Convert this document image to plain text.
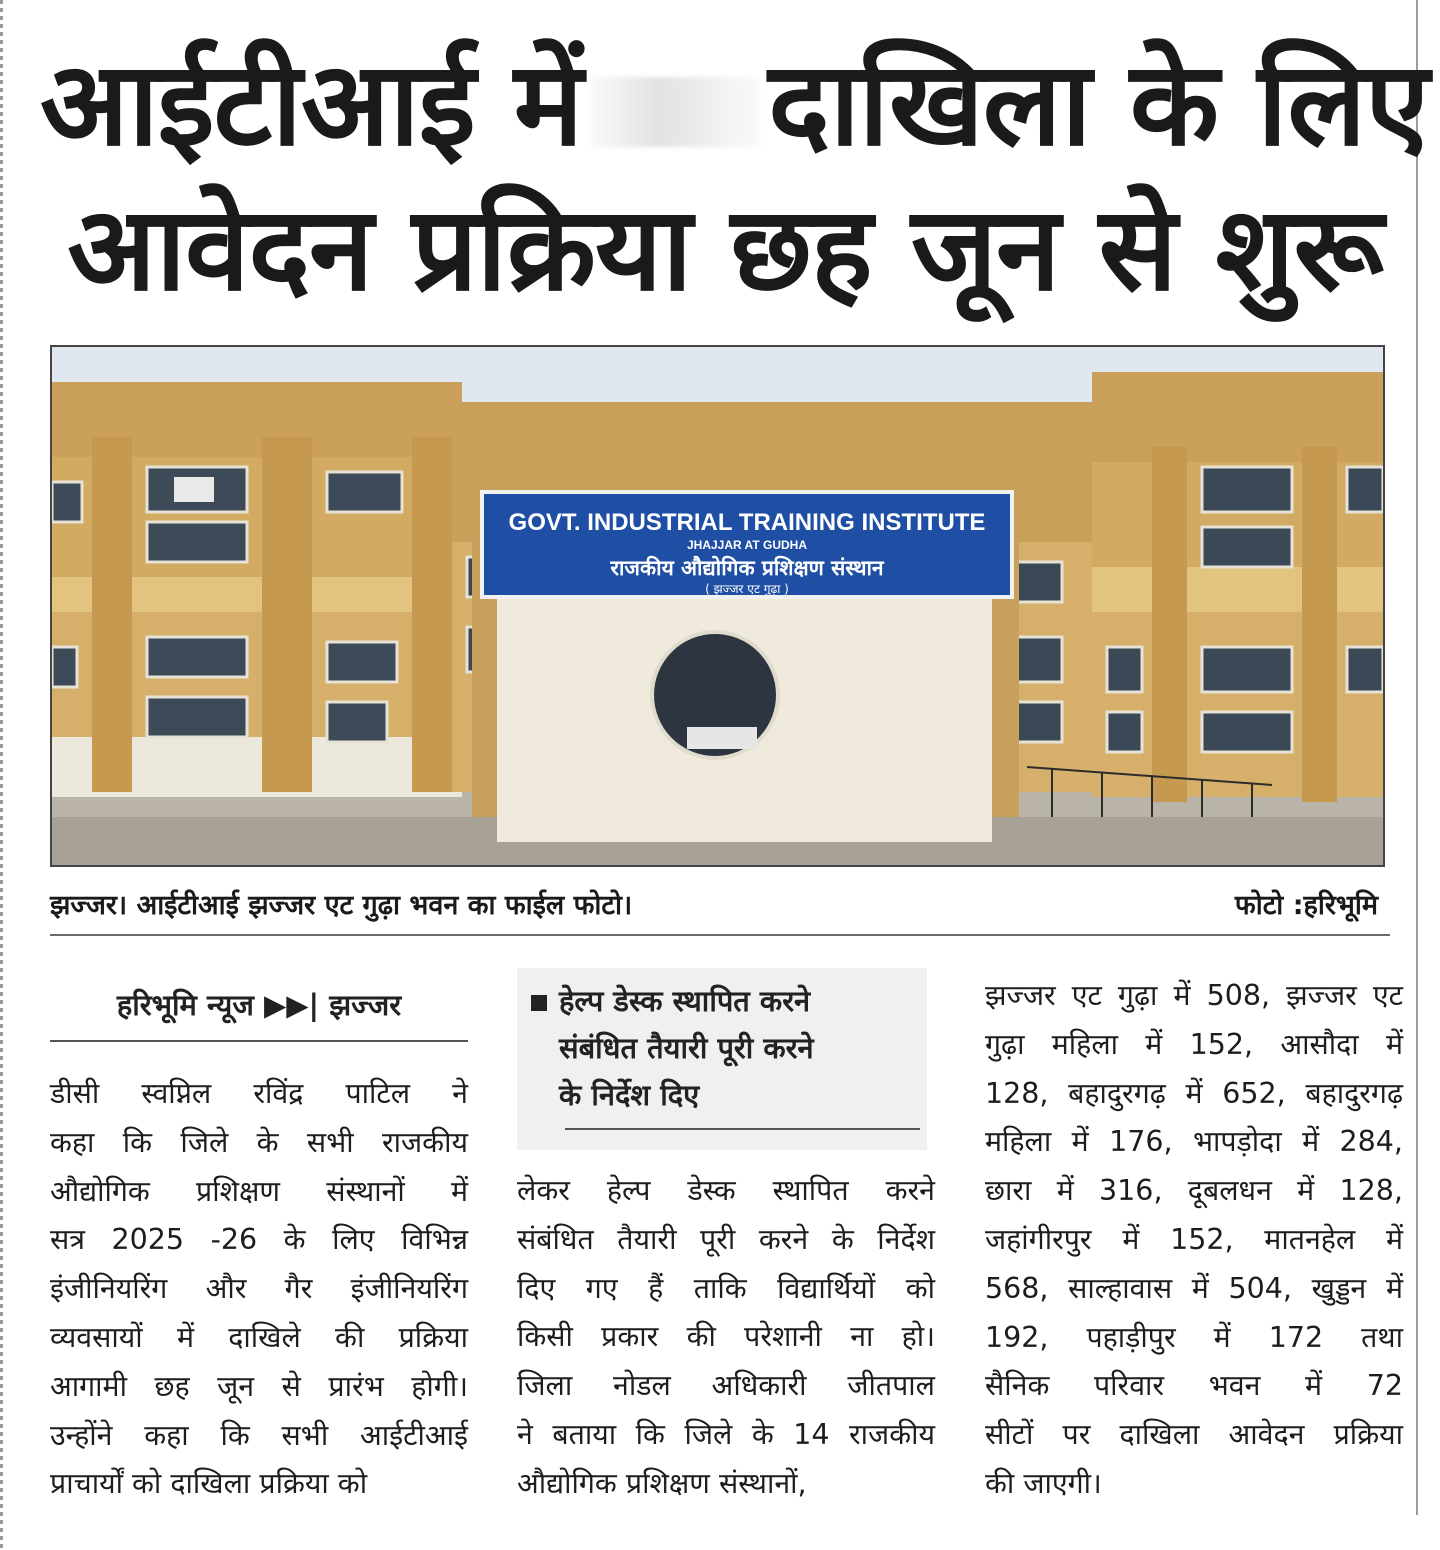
आईटीआई में दाखिला के लिए
आवेदन प्रक्रिया छह जून से शुरू
GOVT. INDUSTRIAL TRAINING INSTITUTE
JHAJJAR AT GUDHA
राजकीय औद्योगिक प्रशिक्षण संस्थान
( झज्जर एट गुढ़ा )
झज्जर। आईटीआई झज्जर एट गुढ़ा भवन का फाईल फोटो।	फोटो :हरिभूमि
हरिभूमि न्यूज ▶▶| झज्जर
डीसी स्वप्निल रविंद्र पाटिल ने
कहा कि जिले के सभी राजकीय
औद्योगिक प्रशिक्षण संस्थानों में
सत्र 2025 -26 के लिए विभिन्न
इंजीनियरिंग और गैर इंजीनियरिंग
व्यवसायों में दाखिले की प्रक्रिया
आगामी छह जून से प्रारंभ होगी।
उन्होंने कहा कि सभी आईटीआई
प्राचार्यों को दाखिला प्रक्रिया को
हेल्प डेस्क स्थापित करने
संबंधित तैयारी पूरी करने
के निर्देश दिए
लेकर हेल्प डेस्क स्थापित करने
संबंधित तैयारी पूरी करने के निर्देश
दिए गए हैं ताकि विद्यार्थियों को
किसी प्रकार की परेशानी ना हो।
जिला नोडल अधिकारी जीतपाल
ने बताया कि जिले के 14 राजकीय
औद्योगिक प्रशिक्षण संस्थानों,
झज्जर एट गुढ़ा में 508, झज्जर एट
गुढ़ा महिला में 152, आसौदा में
128, बहादुरगढ़ में 652, बहादुरगढ़
महिला में 176, भापड़ोदा में 284,
छारा में 316, दूबलधन में 128,
जहांगीरपुर में 152, मातनहेल में
568, साल्हावास में 504, खुड्डन में
192, पहाड़ीपुर में 172 तथा
सैनिक परिवार भवन में 72
सीटों पर दाखिला आवेदन प्रक्रिया
की जाएगी।
